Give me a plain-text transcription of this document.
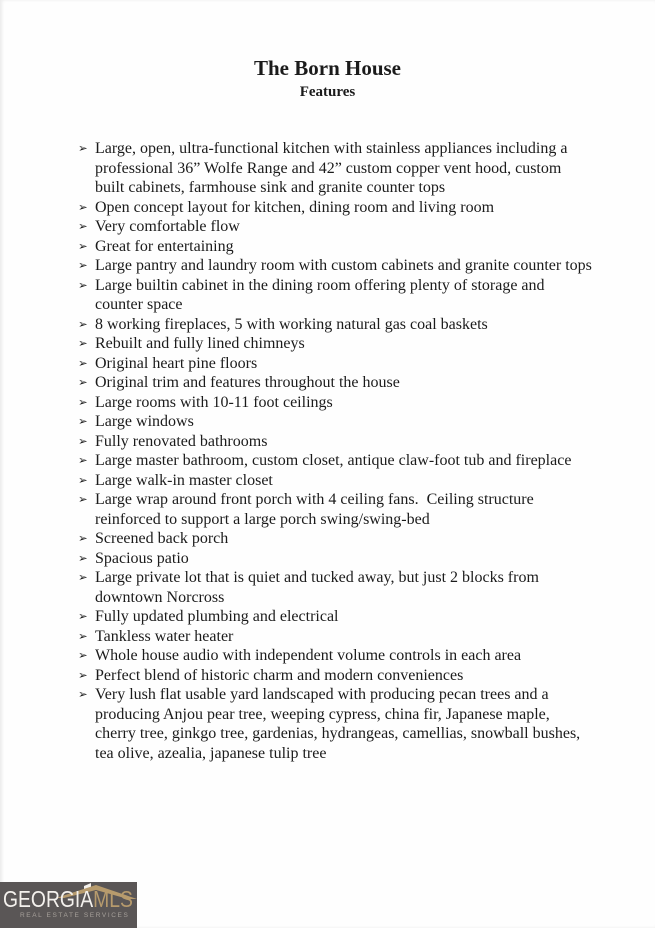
The Born House
Features
➢ Large, open, ultra-functional kitchen with stainless appliances including a professional 36” Wolfe Range and 42” custom copper vent hood, custom built cabinets, farmhouse sink and granite counter tops
➢ Open concept layout for kitchen, dining room and living room
➢ Very comfortable flow
➢ Great for entertaining
➢ Large pantry and laundry room with custom cabinets and granite counter tops
➢ Large builtin cabinet in the dining room offering plenty of storage and counter space
➢ 8 working fireplaces, 5 with working natural gas coal baskets
➢ Rebuilt and fully lined chimneys
➢ Original heart pine floors
➢ Original trim and features throughout the house
➢ Large rooms with 10-11 foot ceilings
➢ Large windows
➢ Fully renovated bathrooms
➢ Large master bathroom, custom closet, antique claw-foot tub and fireplace
➢ Large walk-in master closet
➢ Large wrap around front porch with 4 ceiling fans.  Ceiling structure reinforced to support a large porch swing/swing-bed
➢ Screened back porch
➢ Spacious patio
➢ Large private lot that is quiet and tucked away, but just 2 blocks from downtown Norcross
➢ Fully updated plumbing and electrical
➢ Tankless water heater
➢ Whole house audio with independent volume controls in each area
➢ Perfect blend of historic charm and modern conveniences
➢ Very lush flat usable yard landscaped with producing pecan trees and a producing Anjou pear tree, weeping cypress, china fir, Japanese maple, cherry tree, ginkgo tree, gardenias, hydrangeas, camellias, snowball bushes, tea olive, azealia, japanese tulip tree
GEORGIAMLS
REAL ESTATE SERVICES
